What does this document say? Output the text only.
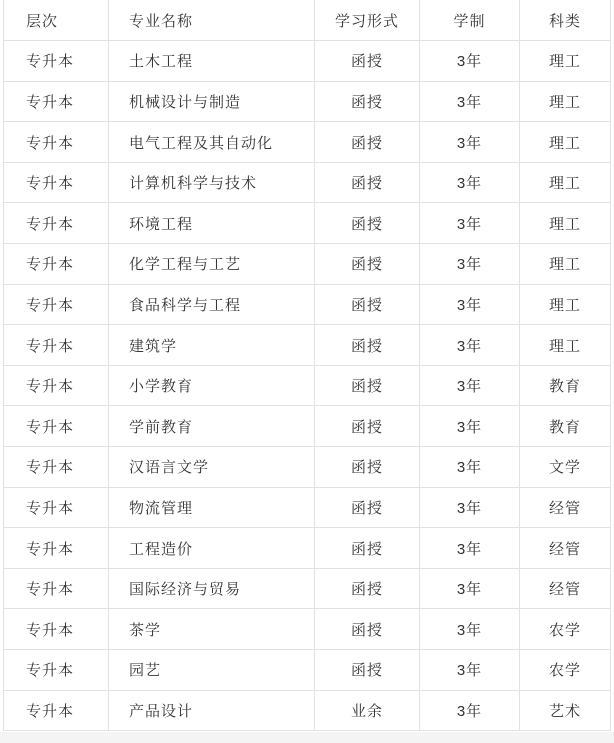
层次	专业名称	学习形式	学制	科类
专升本	土木工程	函授	3年	理工
专升本	机械设计与制造	函授	3年	理工
专升本	电气工程及其自动化	函授	3年	理工
专升本	计算机科学与技术	函授	3年	理工
专升本	环境工程	函授	3年	理工
专升本	化学工程与工艺	函授	3年	理工
专升本	食品科学与工程	函授	3年	理工
专升本	建筑学	函授	3年	理工
专升本	小学教育	函授	3年	教育
专升本	学前教育	函授	3年	教育
专升本	汉语言文学	函授	3年	文学
专升本	物流管理	函授	3年	经管
专升本	工程造价	函授	3年	经管
专升本	国际经济与贸易	函授	3年	经管
专升本	茶学	函授	3年	农学
专升本	园艺	函授	3年	农学
专升本	产品设计	业余	3年	艺术
